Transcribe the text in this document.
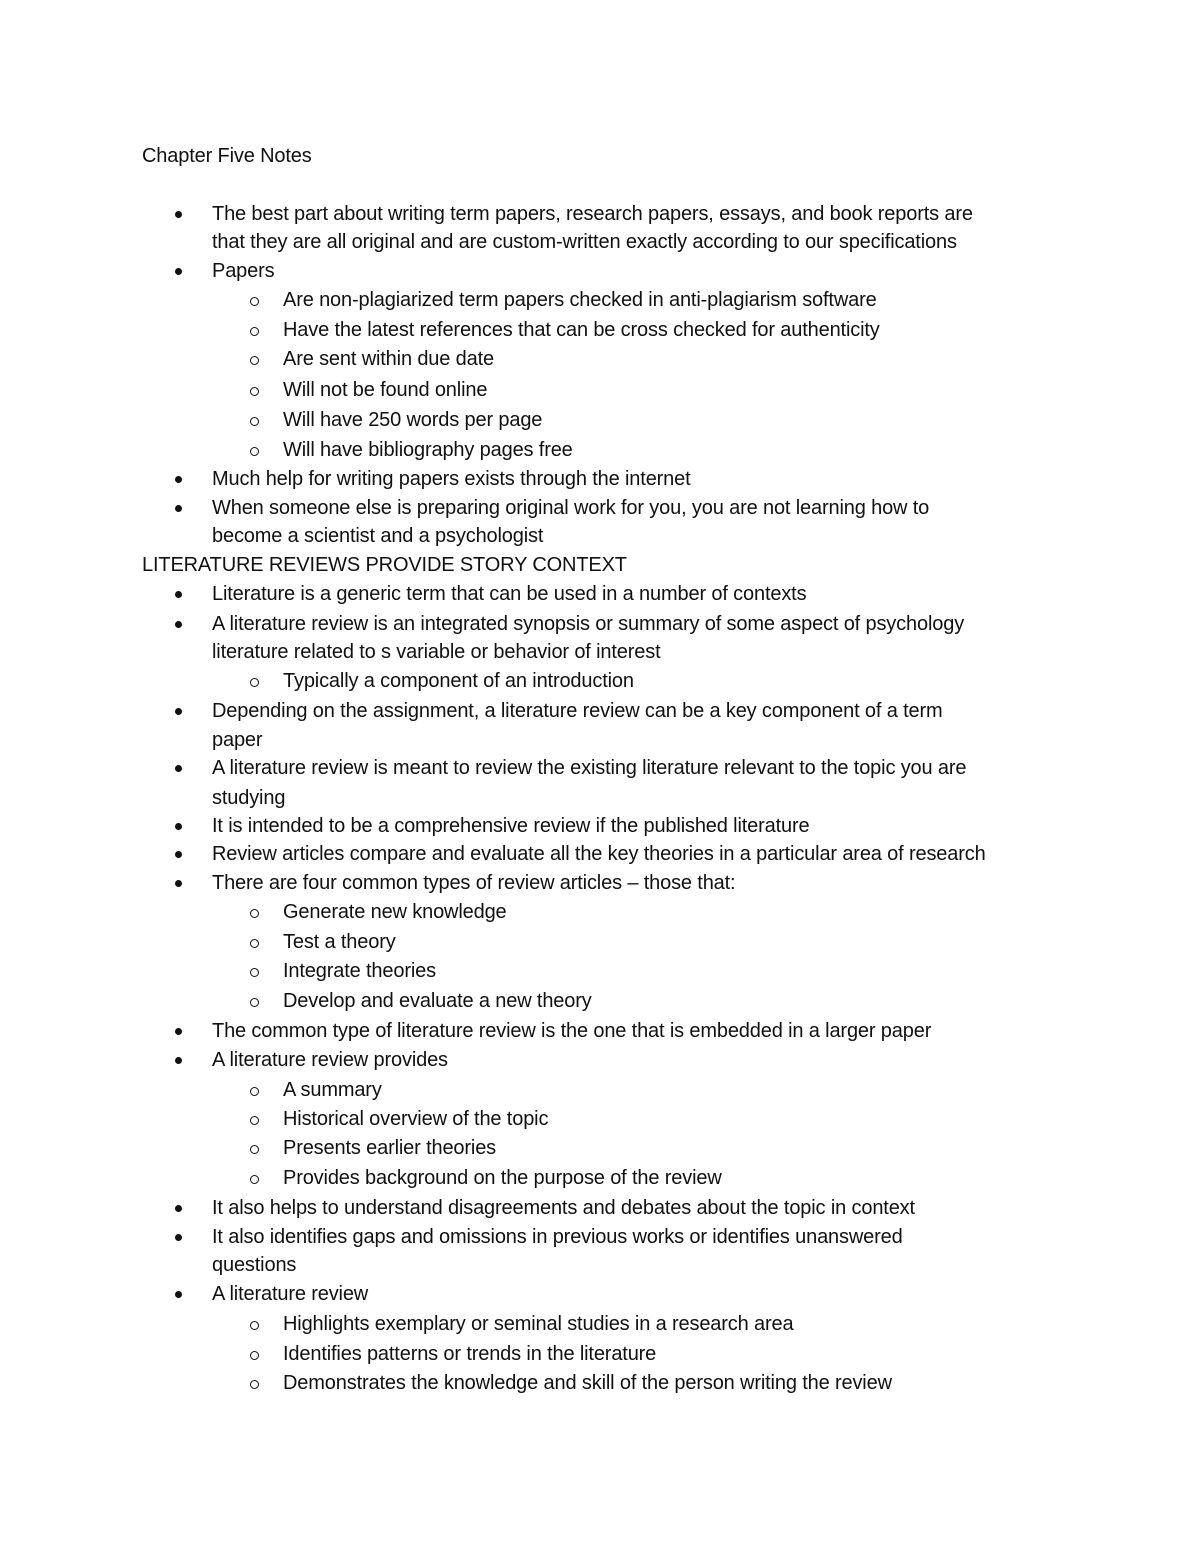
Chapter Five Notes
The best part about writing term papers, research papers, essays, and book reports are
that they are all original and are custom-written exactly according to our specifications
Papers
Are non-plagiarized term papers checked in anti-plagiarism software
Have the latest references that can be cross checked for authenticity
Are sent within due date
Will not be found online
Will have 250 words per page
Will have bibliography pages free
Much help for writing papers exists through the internet
When someone else is preparing original work for you, you are not learning how to
become a scientist and a psychologist
LITERATURE REVIEWS PROVIDE STORY CONTEXT
Literature is a generic term that can be used in a number of contexts
A literature review is an integrated synopsis or summary of some aspect of psychology
literature related to s variable or behavior of interest
Typically a component of an introduction
Depending on the assignment, a literature review can be a key component of a term
paper
A literature review is meant to review the existing literature relevant to the topic you are
studying
It is intended to be a comprehensive review if the published literature
Review articles compare and evaluate all the key theories in a particular area of research
There are four common types of review articles – those that:
Generate new knowledge
Test a theory
Integrate theories
Develop and evaluate a new theory
The common type of literature review is the one that is embedded in a larger paper
A literature review provides
A summary
Historical overview of the topic
Presents earlier theories
Provides background on the purpose of the review
It also helps to understand disagreements and debates about the topic in context
It also identifies gaps and omissions in previous works or identifies unanswered
questions
A literature review
Highlights exemplary or seminal studies in a research area
Identifies patterns or trends in the literature
Demonstrates the knowledge and skill of the person writing the review
